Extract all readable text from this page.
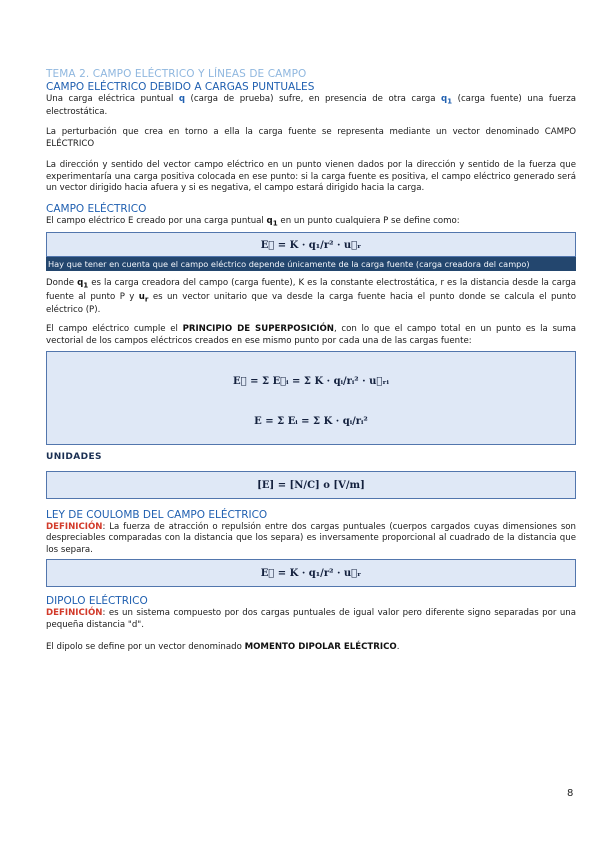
TEMA 2. CAMPO ELÉCTRICO Y LÍNEAS DE CAMPO

CAMPO ELÉCTRICO DEBIDO A CARGAS PUNTUALES

Una carga eléctrica puntual q (carga de prueba) sufre, en presencia de otra carga $q_1$ (carga fuente) una fuerza electrostática.

La perturbación que crea en torno a ella la carga fuente se representa mediante un vector denominado CAMPO ELÉCTRICO

La dirección y sentido del vector campo eléctrico en un punto vienen dados por la dirección y sentido de la fuerza que experimentaría una carga positiva colocada en ese punto: si la carga fuente es positiva, el campo eléctrico generado será un vector dirigido hacia afuera y si es negativa, el campo estará dirigido hacia la carga.

CAMPO ELÉCTRICO

El campo eléctrico E creado por una carga puntual $q_1$ en un punto cualquiera P se define como:

E⃗ = K · q₁/r² · u⃗ᵣ
Hay que tener en cuenta que el campo eléctrico depende únicamente de la carga fuente (carga creadora del campo)

Donde $q_1$ es la carga creadora del campo (carga fuente), K es la constante electrostática, r es la distancia desde la carga fuente al punto P y $u_r$ es un vector unitario que va desde la carga fuente hacia el punto donde se calcula el punto eléctrico (P).

El campo eléctrico cumple el PRINCIPIO DE SUPERPOSICIÓN, con lo que el campo total en un punto es la suma vectorial de los campos eléctricos creados en ese mismo punto por cada una de las cargas fuente:

E⃗ = Σ E⃗ᵢ = Σ K · qᵢ/rᵢ² · u⃗ᵣᵢ
E = Σ Eᵢ = Σ K · qᵢ/rᵢ²

UNIDADES

[E] = [N/C] o [V/m]

LEY DE COULOMB DEL CAMPO ELÉCTRICO

DEFINICIÓN: La fuerza de atracción o repulsión entre dos cargas puntuales (cuerpos cargados cuyas dimensiones son despreciables comparadas con la distancia que los separa) es inversamente proporcional al cuadrado de la distancia que los separa.

E⃗ = K · q₁/r² · u⃗ᵣ

DIPOLO ELÉCTRICO

DEFINICIÓN: es un sistema compuesto por dos cargas puntuales de igual valor pero diferente signo separadas por una pequeña distancia "d".

El dipolo se define por un vector denominado MOMENTO DIPOLAR ELÉCTRICO.

8
